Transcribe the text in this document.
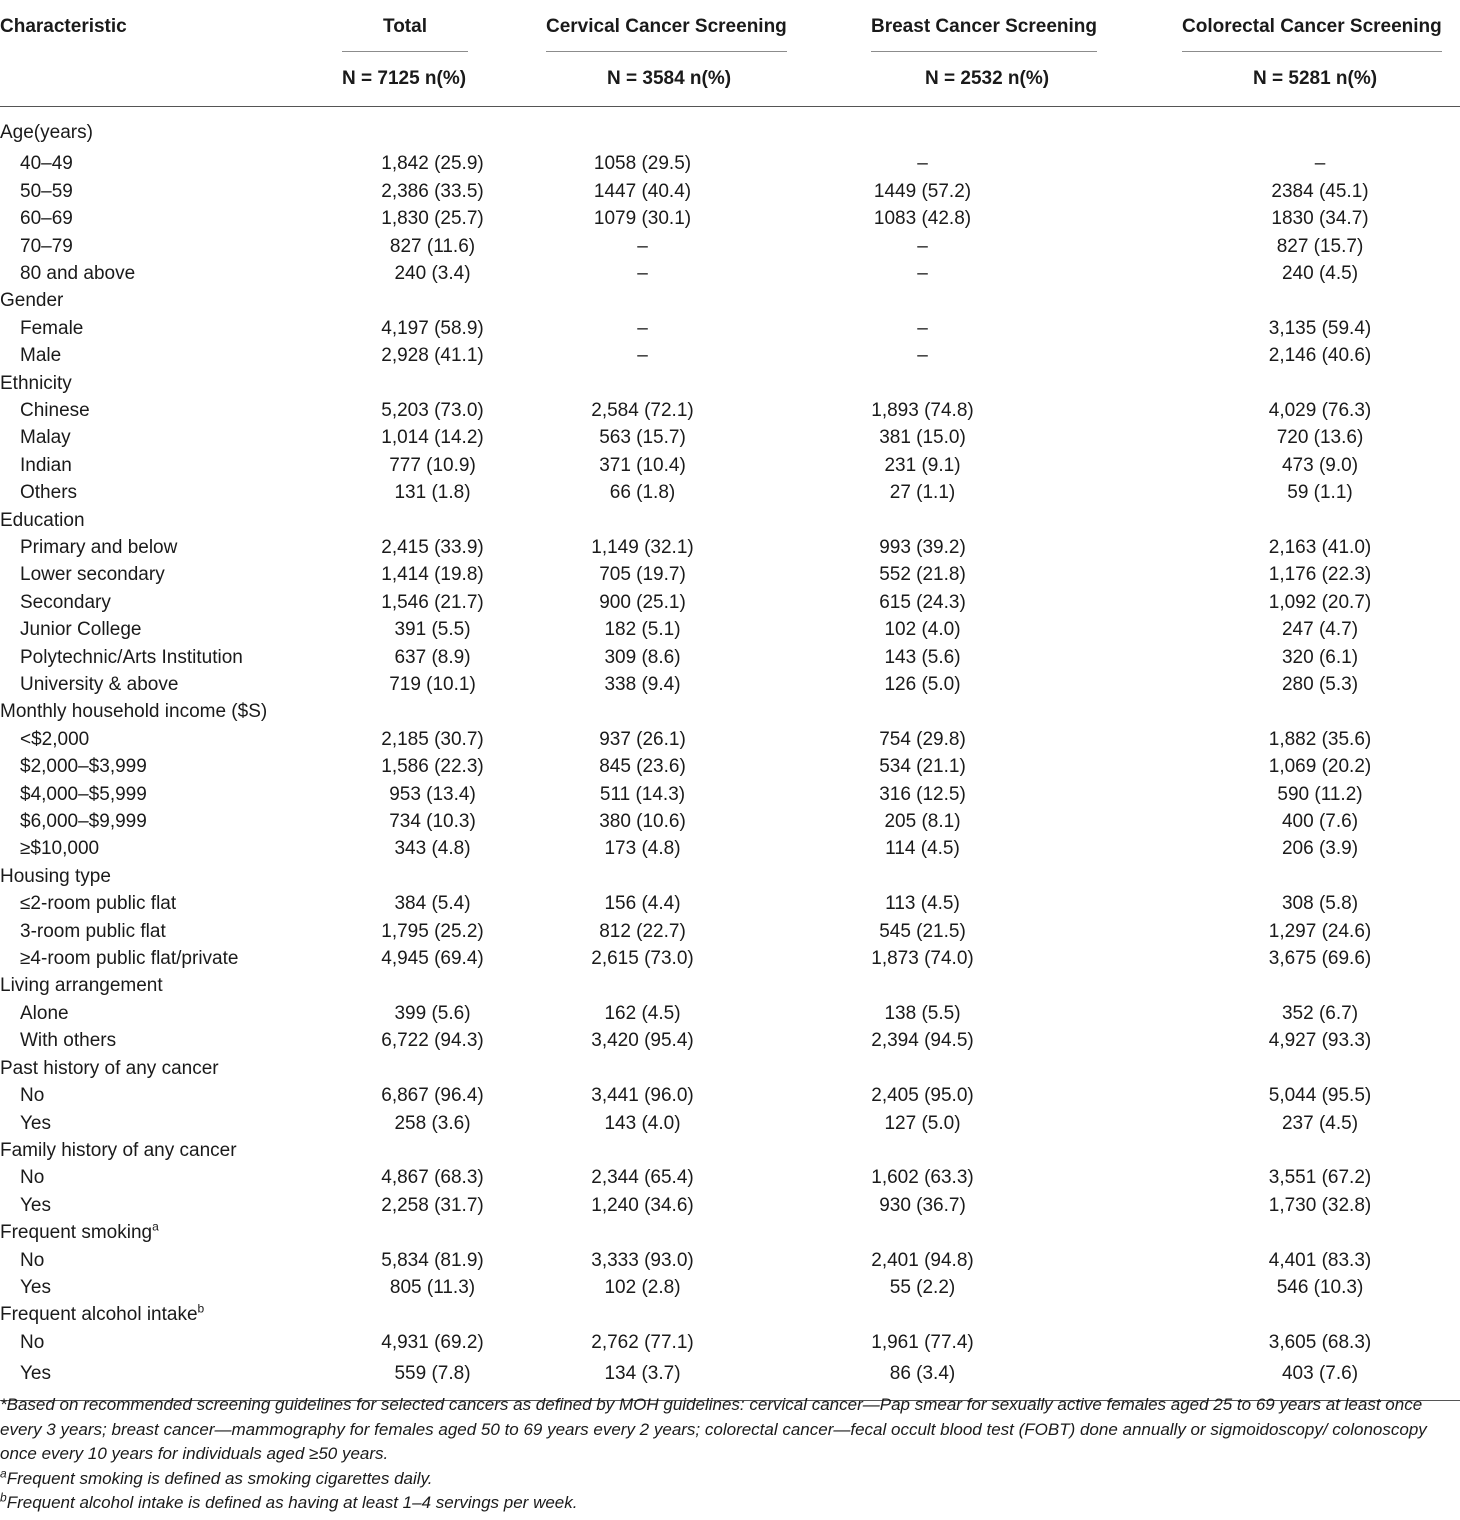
Characteristic	Total	Cervical Cancer Screening	Breast Cancer Screening	Colorectal Cancer Screening
	N = 7125 n(%)	N = 3584 n(%)	N = 2532 n(%)	N = 5281 n(%)
Age(years)				
40–49	1,842 (25.9)	1058 (29.5)	–	–
50–59	2,386 (33.5)	1447 (40.4)	1449 (57.2)	2384 (45.1)
60–69	1,830 (25.7)	1079 (30.1)	1083 (42.8)	1830 (34.7)
70–79	827 (11.6)	–	–	827 (15.7)
80 and above	240 (3.4)	–	–	240 (4.5)
Gender				
Female	4,197 (58.9)	–	–	3,135 (59.4)
Male	2,928 (41.1)	–	–	2,146 (40.6)
Ethnicity				
Chinese	5,203 (73.0)	2,584 (72.1)	1,893 (74.8)	4,029 (76.3)
Malay	1,014 (14.2)	563 (15.7)	381 (15.0)	720 (13.6)
Indian	777 (10.9)	371 (10.4)	231 (9.1)	473 (9.0)
Others	131 (1.8)	66 (1.8)	27 (1.1)	59 (1.1)
Education				
Primary and below	2,415 (33.9)	1,149 (32.1)	993 (39.2)	2,163 (41.0)
Lower secondary	1,414 (19.8)	705 (19.7)	552 (21.8)	1,176 (22.3)
Secondary	1,546 (21.7)	900 (25.1)	615 (24.3)	1,092 (20.7)
Junior College	391 (5.5)	182 (5.1)	102 (4.0)	247 (4.7)
Polytechnic/Arts Institution	637 (8.9)	309 (8.6)	143 (5.6)	320 (6.1)
University & above	719 (10.1)	338 (9.4)	126 (5.0)	280 (5.3)
Monthly household income ($S)				
<$2,000	2,185 (30.7)	937 (26.1)	754 (29.8)	1,882 (35.6)
$2,000–$3,999	1,586 (22.3)	845 (23.6)	534 (21.1)	1,069 (20.2)
$4,000–$5,999	953 (13.4)	511 (14.3)	316 (12.5)	590 (11.2)
$6,000–$9,999	734 (10.3)	380 (10.6)	205 (8.1)	400 (7.6)
≥$10,000	343 (4.8)	173 (4.8)	114 (4.5)	206 (3.9)
Housing type				
≤2-room public flat	384 (5.4)	156 (4.4)	113 (4.5)	308 (5.8)
3-room public flat	1,795 (25.2)	812 (22.7)	545 (21.5)	1,297 (24.6)
≥4-room public flat/private	4,945 (69.4)	2,615 (73.0)	1,873 (74.0)	3,675 (69.6)
Living arrangement				
Alone	399 (5.6)	162 (4.5)	138 (5.5)	352 (6.7)
With others	6,722 (94.3)	3,420 (95.4)	2,394 (94.5)	4,927 (93.3)
Past history of any cancer				
No	6,867 (96.4)	3,441 (96.0)	2,405 (95.0)	5,044 (95.5)
Yes	258 (3.6)	143 (4.0)	127 (5.0)	237 (4.5)
Family history of any cancer				
No	4,867 (68.3)	2,344 (65.4)	1,602 (63.3)	3,551 (67.2)
Yes	2,258 (31.7)	1,240 (34.6)	930 (36.7)	1,730 (32.8)
Frequent smoking$^a$				
No	5,834 (81.9)	3,333 (93.0)	2,401 (94.8)	4,401 (83.3)
Yes	805 (11.3)	102 (2.8)	55 (2.2)	546 (10.3)
Frequent alcohol intake$^b$				
No	4,931 (69.2)	2,762 (77.1)	1,961 (77.4)	3,605 (68.3)
Yes	559 (7.8)	134 (3.7)	86 (3.4)	403 (7.6)

*Based on recommended screening guidelines for selected cancers as defined by MOH guidelines: cervical cancer—Pap smear for sexually active females aged 25 to 69 years at least once every 3 years; breast cancer—mammography for females aged 50 to 69 years every 2 years; colorectal cancer—fecal occult blood test (FOBT) done annually or sigmoidoscopy/ colonoscopy once every 10 years for individuals aged ≥50 years.

$^a$Frequent smoking is defined as smoking cigarettes daily.

$^b$Frequent alcohol intake is defined as having at least 1–4 servings per week.
